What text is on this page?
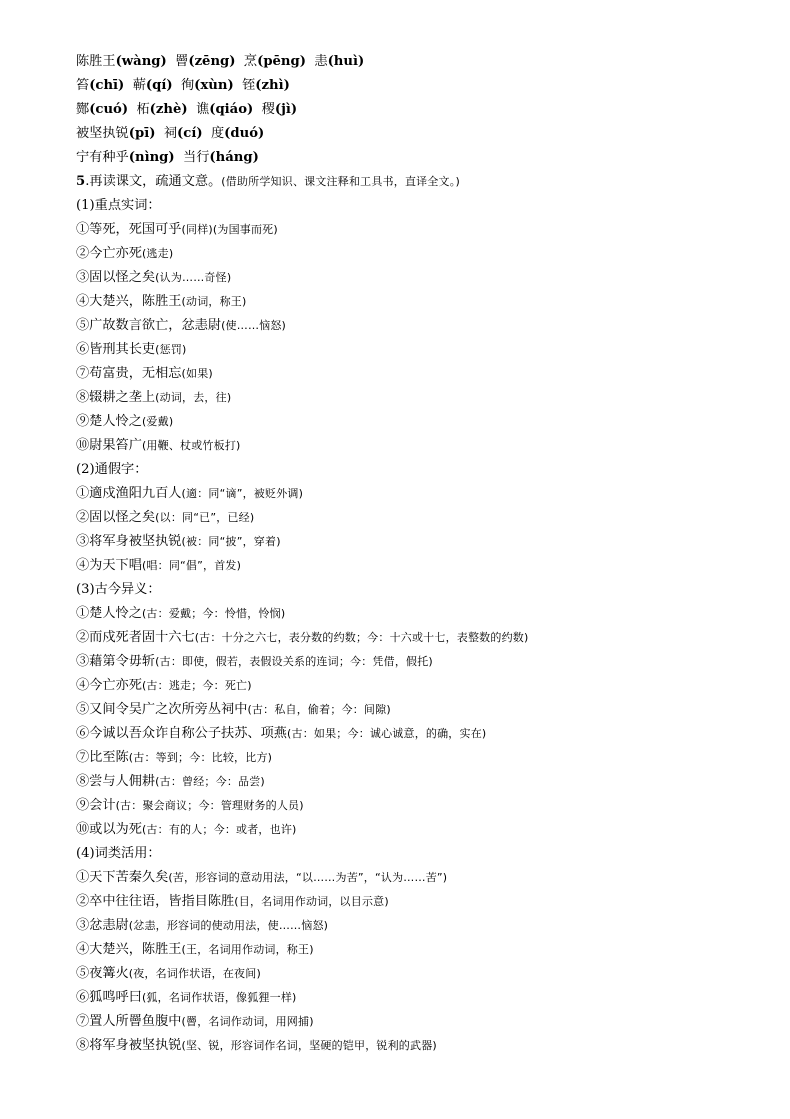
陈胜王(wàng) 罾(zēng) 烹(pēng) 恚(huì)
笞(chī) 蕲(qí) 徇(xùn) 铚(zhì)
酂(cuó) 柘(zhè) 谯(qiáo) 稷(jì)
被坚执锐(pī) 祠(cí) 度(duó)
宁有种乎(nìng) 当行(háng)
5.再读课文，疏通文意。(借助所学知识、课文注释和工具书，直译全文。)
(1)重点实词：
①等死，死国可乎(同样)(为国事而死)
②今亡亦死(逃走)
③固以怪之矣(认为……奇怪)
④大楚兴，陈胜王(动词，称王)
⑤广故数言欲亡，忿恚尉(使……恼怒)
⑥皆刑其长吏(惩罚)
⑦苟富贵，无相忘(如果)
⑧辍耕之垄上(动词，去，往)
⑨楚人怜之(爱戴)
⑩尉果笞广(用鞭、杖或竹板打)
(2)通假字：
①適戍渔阳九百人(適：同“谪”，被贬外调)
②固以怪之矣(以：同“已”，已经)
③将军身被坚执锐(被：同“披”，穿着)
④为天下唱(唱：同“倡”，首发)
(3)古今异义：
①楚人怜之(古：爱戴；今：怜惜，怜悯)
②而戍死者固十六七(古：十分之六七，表分数的约数；今：十六或十七，表整数的约数)
③藉第令毋斩(古：即使，假若，表假设关系的连词；今：凭借，假托)
④今亡亦死(古：逃走；今：死亡)
⑤又间令吴广之次所旁丛祠中(古：私自，偷着；今：间隙)
⑥今诚以吾众诈自称公子扶苏、项燕(古：如果；今：诚心诚意，的确，实在)
⑦比至陈(古：等到；今：比较，比方)
⑧尝与人佣耕(古：曾经；今：品尝)
⑨会计(古：聚会商议；今：管理财务的人员)
⑩或以为死(古：有的人；今：或者，也许)
(4)词类活用：
①天下苦秦久矣(苦，形容词的意动用法，“以……为苦”，“认为……苦”)
②卒中往往语，皆指目陈胜(目，名词用作动词，以目示意)
③忿恚尉(忿恚，形容词的使动用法，使……恼怒)
④大楚兴，陈胜王(王，名词用作动词，称王)
⑤夜篝火(夜，名词作状语，在夜间)
⑥狐鸣呼曰(狐，名词作状语，像狐狸一样)
⑦置人所罾鱼腹中(罾，名词作动词，用网捕)
⑧将军身被坚执锐(坚、锐，形容词作名词，坚硬的铠甲，锐利的武器)
